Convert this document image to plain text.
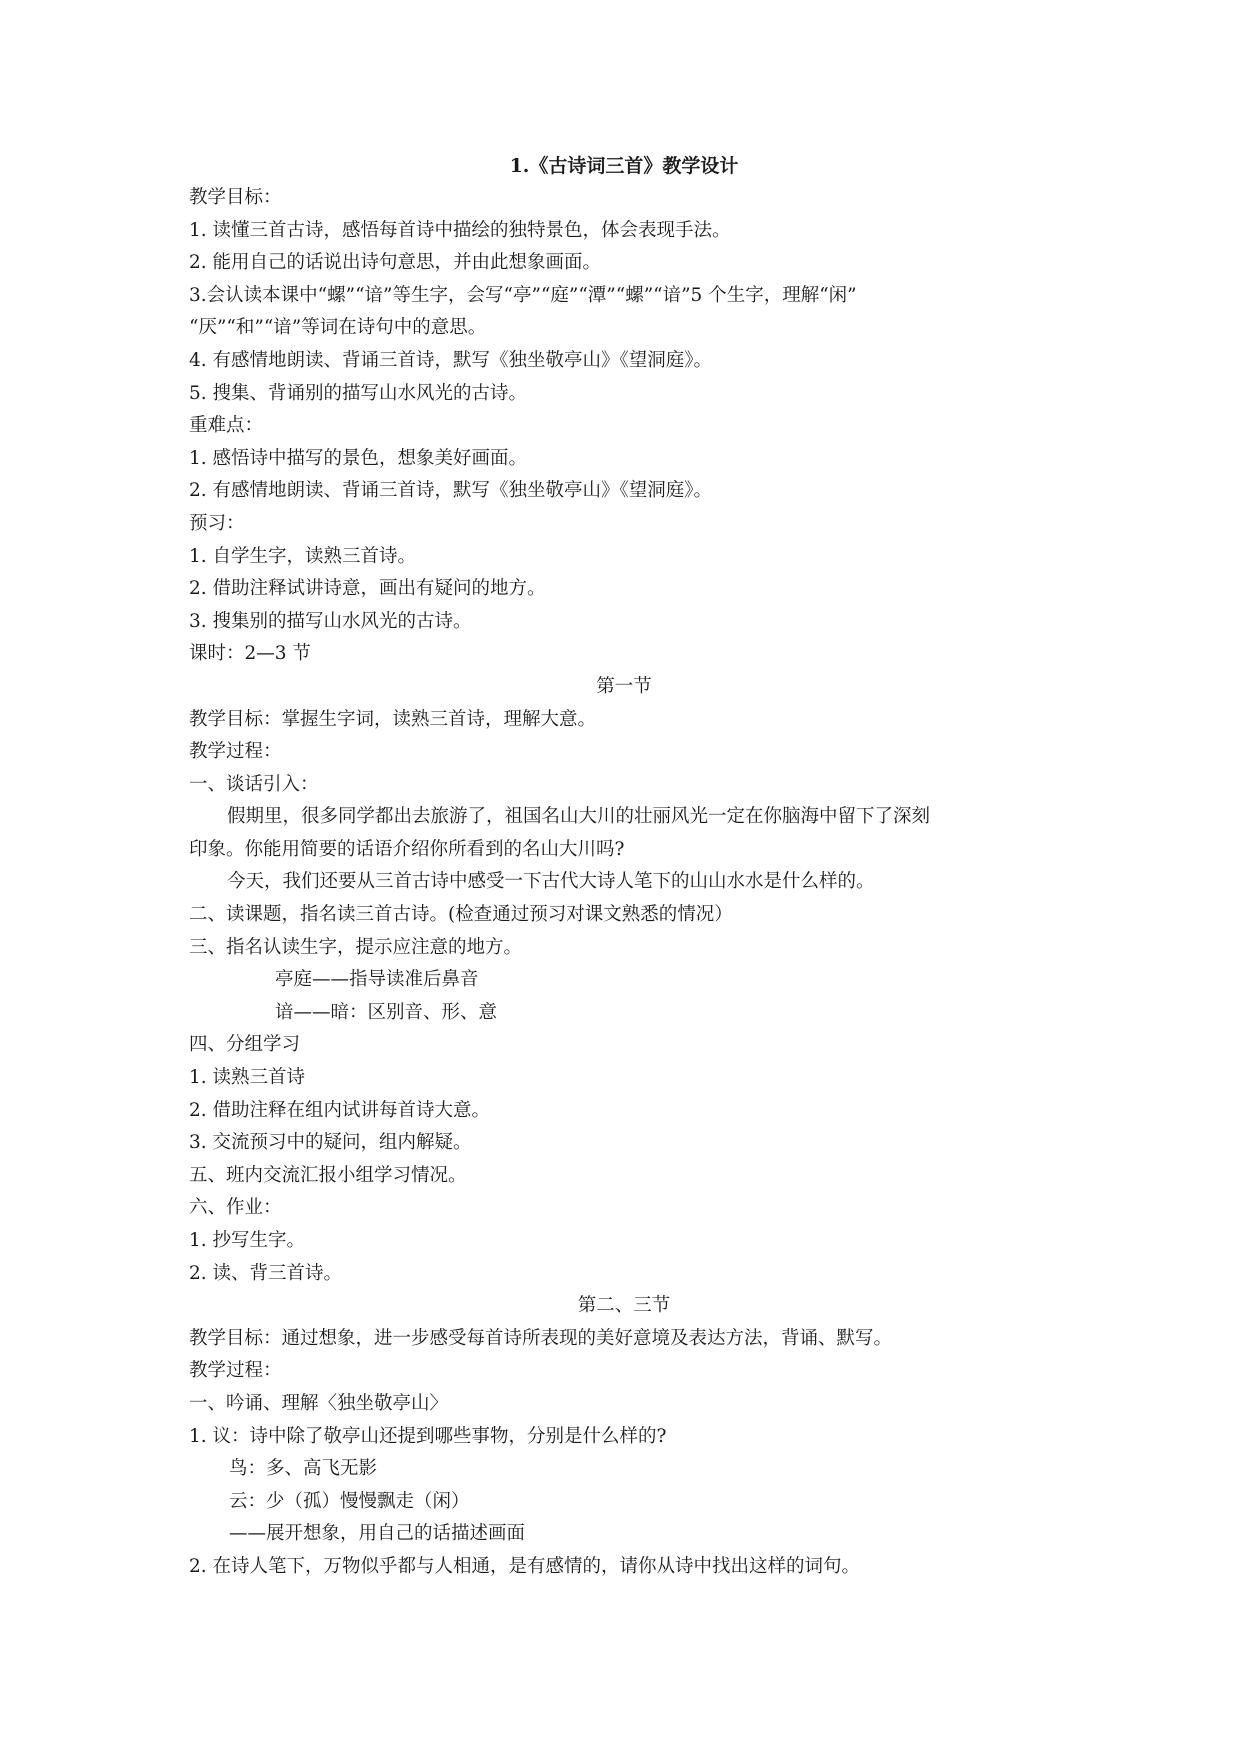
1.《古诗词三首》教学设计

教学目标：

1. 读懂三首古诗，感悟每首诗中描绘的独特景色，体会表现手法。

2. 能用自己的话说出诗句意思，并由此想象画面。

3.会认读本课中“螺”“谙”等生字，会写“亭”“庭”“潭”“螺”“谙”5 个生字，理解“闲”

“厌”“和”“谙”等词在诗句中的意思。

4. 有感情地朗读、背诵三首诗，默写《独坐敬亭山》《望洞庭》。

5. 搜集、背诵别的描写山水风光的古诗。

重难点：

1. 感悟诗中描写的景色，想象美好画面。

2. 有感情地朗读、背诵三首诗，默写《独坐敬亭山》《望洞庭》。

预习：

1. 自学生字，读熟三首诗。

2. 借助注释试讲诗意，画出有疑问的地方。

3. 搜集别的描写山水风光的古诗。

课时：2—3 节

第一节

教学目标：掌握生字词，读熟三首诗，理解大意。

教学过程：

一、谈话引入：

假期里，很多同学都出去旅游了，祖国名山大川的壮丽风光一定在你脑海中留下了深刻

印象。你能用简要的话语介绍你所看到的名山大川吗?

今天，我们还要从三首古诗中感受一下古代大诗人笔下的山山水水是什么样的。

二、读课题，指名读三首古诗。(检查通过预习对课文熟悉的情况）

三、指名认读生字，提示应注意的地方。

亭庭——指导读准后鼻音

谙——暗：区别音、形、意

四、分组学习

1. 读熟三首诗

2. 借助注释在组内试讲每首诗大意。

3. 交流预习中的疑问，组内解疑。

五、班内交流汇报小组学习情况。

六、作业：

1. 抄写生字。

2. 读、背三首诗。

第二、三节

教学目标：通过想象，进一步感受每首诗所表现的美好意境及表达方法，背诵、默写。

教学过程：

一、吟诵、理解〈独坐敬亭山〉

1. 议：诗中除了敬亭山还提到哪些事物，分别是什么样的?

鸟：多、高飞无影

云：少（孤）慢慢飘走（闲）

——展开想象，用自己的话描述画面

2. 在诗人笔下，万物似乎都与人相通，是有感情的，请你从诗中找出这样的词句。
